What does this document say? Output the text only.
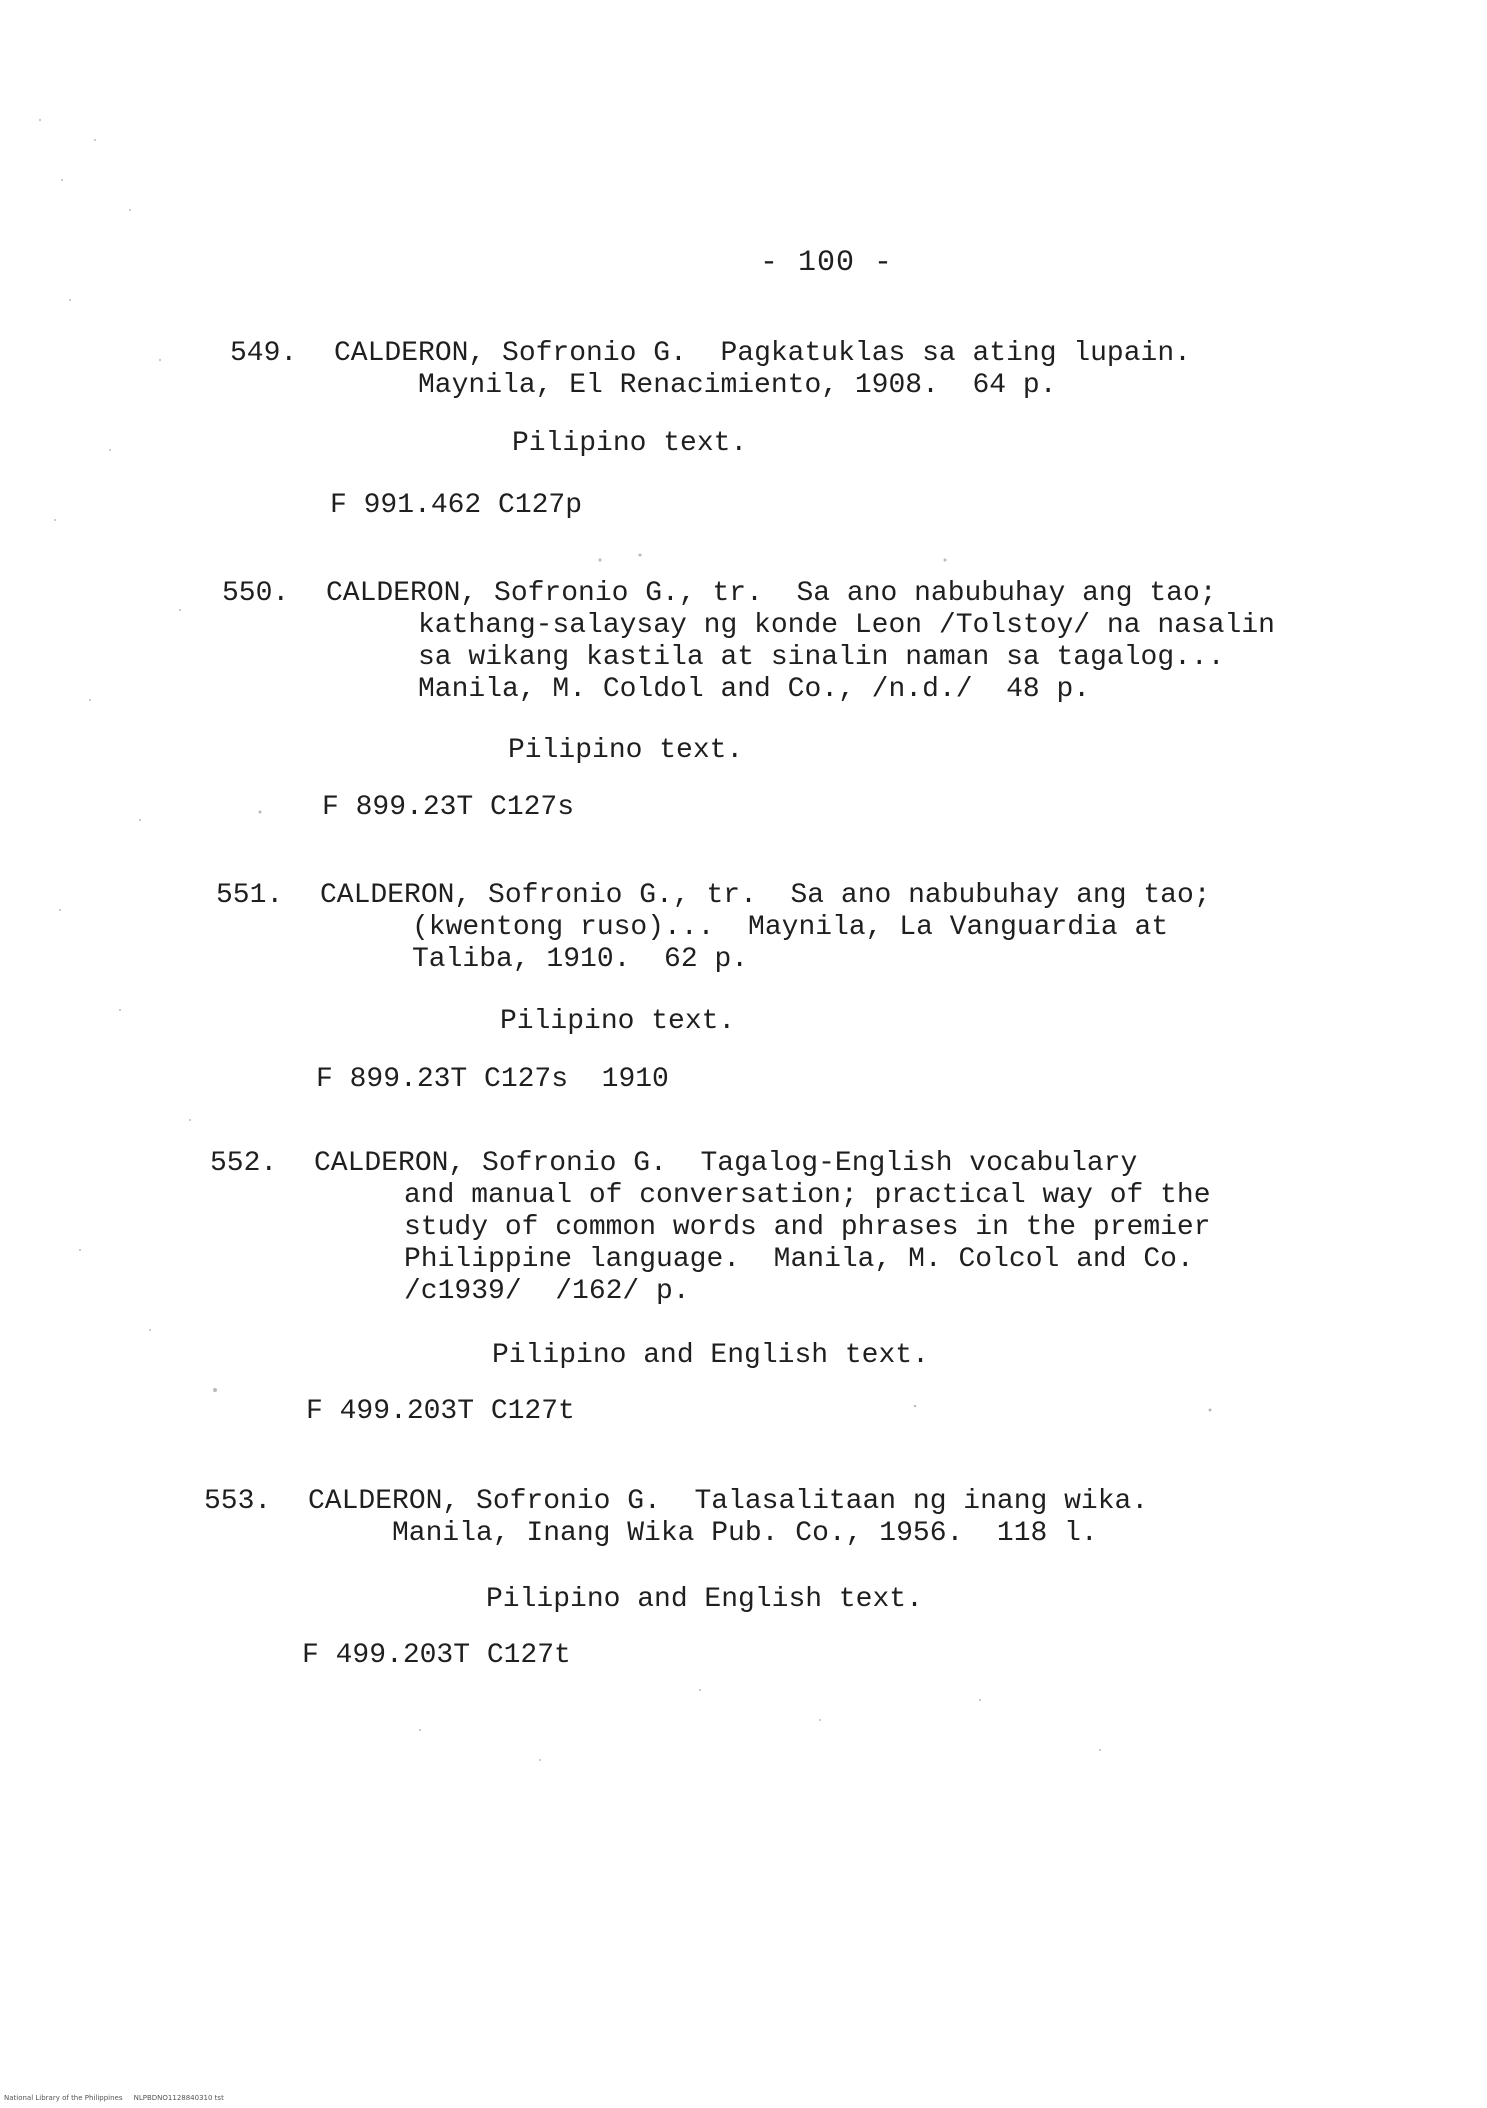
- 100 -

549.

CALDERON, Sofronio G.  Pagkatuklas sa ating lupain.

Maynila, El Renacimiento, 1908.  64 p.

Pilipino text.
F 991.462 C127p

550.

CALDERON, Sofronio G., tr.  Sa ano nabubuhay ang tao;

kathang-salaysay ng konde Leon /Tolstoy/ na nasalin
sa wikang kastila at sinalin naman sa tagalog...
Manila, M. Coldol and Co., /n.d./  48 p.

Pilipino text.
F 899.23T C127s

551.

CALDERON, Sofronio G., tr.  Sa ano nabubuhay ang tao;

(kwentong ruso)...  Maynila, La Vanguardia at
Taliba, 1910.  62 p.

Pilipino text.
F 899.23T C127s  1910

552.

CALDERON, Sofronio G.  Tagalog-English vocabulary

and manual of conversation; practical way of the
study of common words and phrases in the premier
Philippine language.  Manila, M. Colcol and Co.
/c1939/  /162/ p.

Pilipino and English text.
F 499.203T C127t

553.

CALDERON, Sofronio G.  Talasalitaan ng inang wika.

Manila, Inang Wika Pub. Co., 1956.  118 l.

Pilipino and English text.
F 499.203T C127t
National Library of the Philippines     NLPBDNO1128840310 tst
